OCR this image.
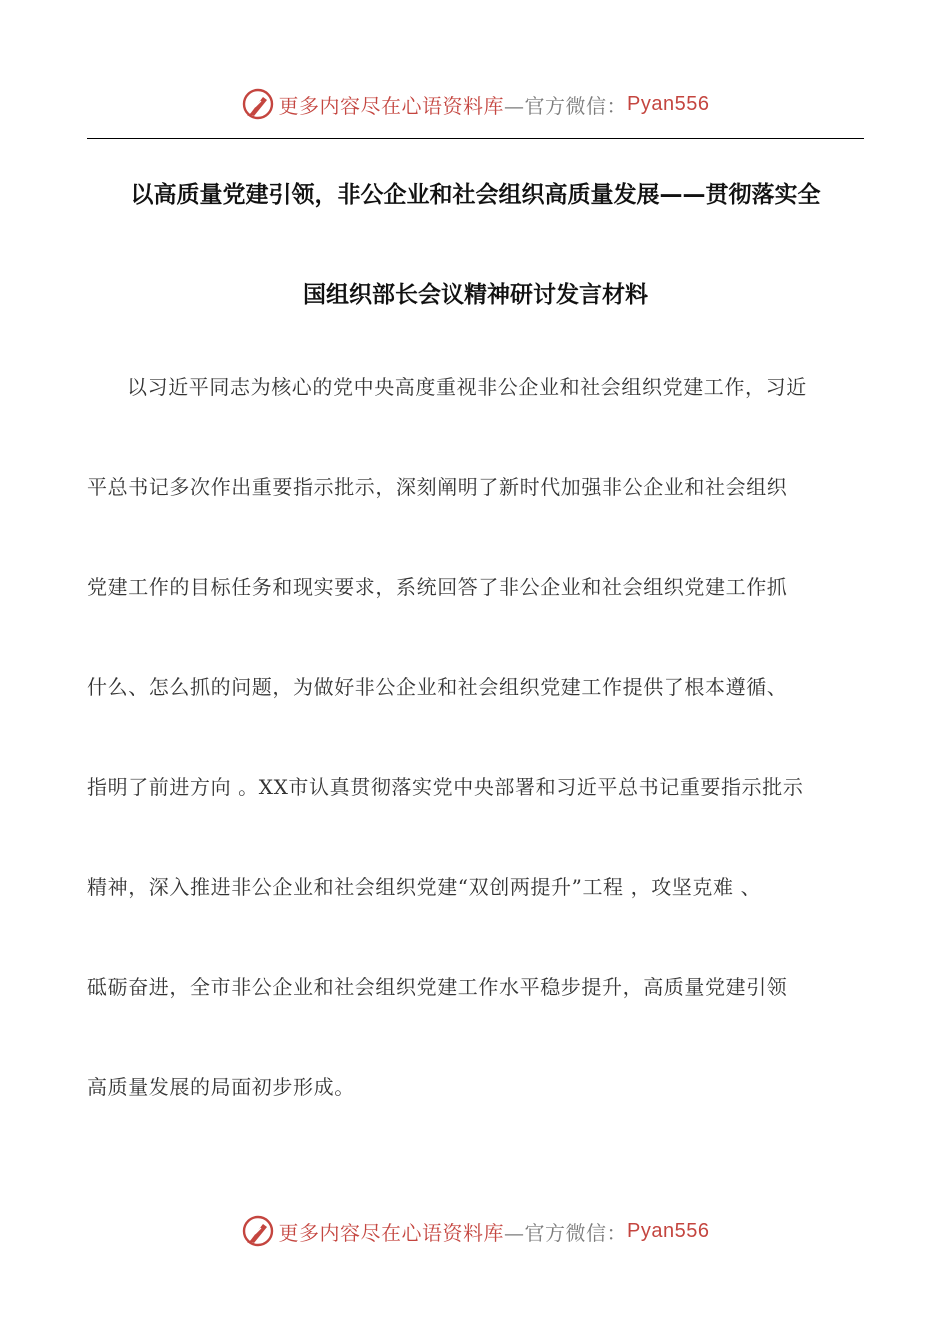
更多内容尽在心语资料库 —官方微信： Pyan556
以高质量党建引领，非公企业和社会组织高质量发展——贯彻落实全
国组织部长会议精神研讨发言材料
以习近平同志为核心的党中央高度重视非公企业和社会组织党建工作，习近
平总书记多次作出重要指示批示，深刻阐明了新时代加强非公企业和社会组织
党建工作的目标任务和现实要求，系统回答了非公企业和社会组织党建工作抓
什么、怎么抓的问题，为做好非公企业和社会组织党建工作提供了根本遵循、
指明了前进方向 。XX市认真贯彻落实党中央部署和习近平总书记重要指示批示
精神，深入推进非公企业和社会组织党建“双创两提升”工程 ，攻坚克难 、
砥砺奋进，全市非公企业和社会组织党建工作水平稳步提升，高质量党建引领
高质量发展的局面初步形成。
更多内容尽在心语资料库 —官方微信： Pyan556
